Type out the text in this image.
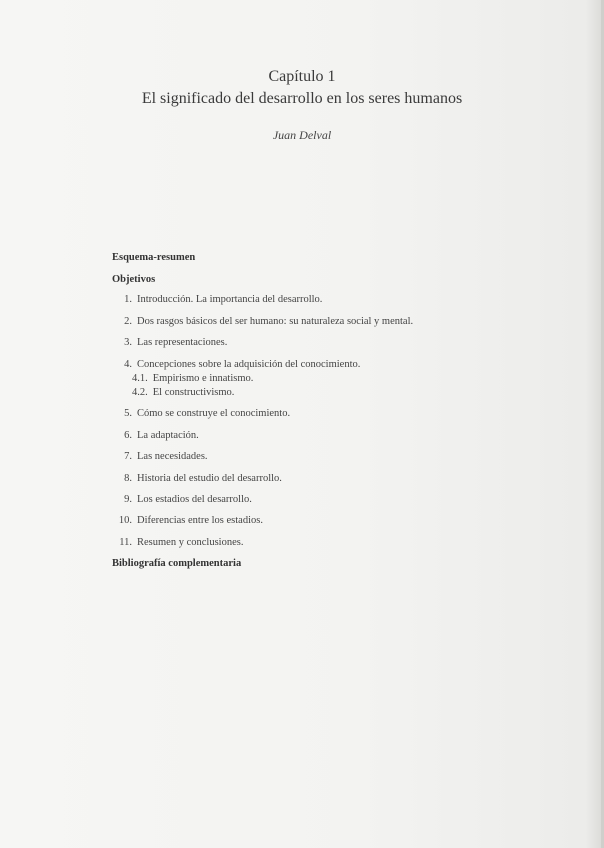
Capítulo 1
El significado del desarrollo en los seres humanos
Juan Delval
Esquema-resumen
Objetivos
1. Introducción. La importancia del desarrollo.
2. Dos rasgos básicos del ser humano: su naturaleza social y mental.
3. Las representaciones.
4. Concepciones sobre la adquisición del conocimiento.
4.1. Empirismo e innatismo.
4.2. El constructivismo.
5. Cómo se construye el conocimiento.
6. La adaptación.
7. Las necesidades.
8. Historia del estudio del desarrollo.
9. Los estadios del desarrollo.
10. Diferencias entre los estadios.
11. Resumen y conclusiones.
Bibliografía complementaria
